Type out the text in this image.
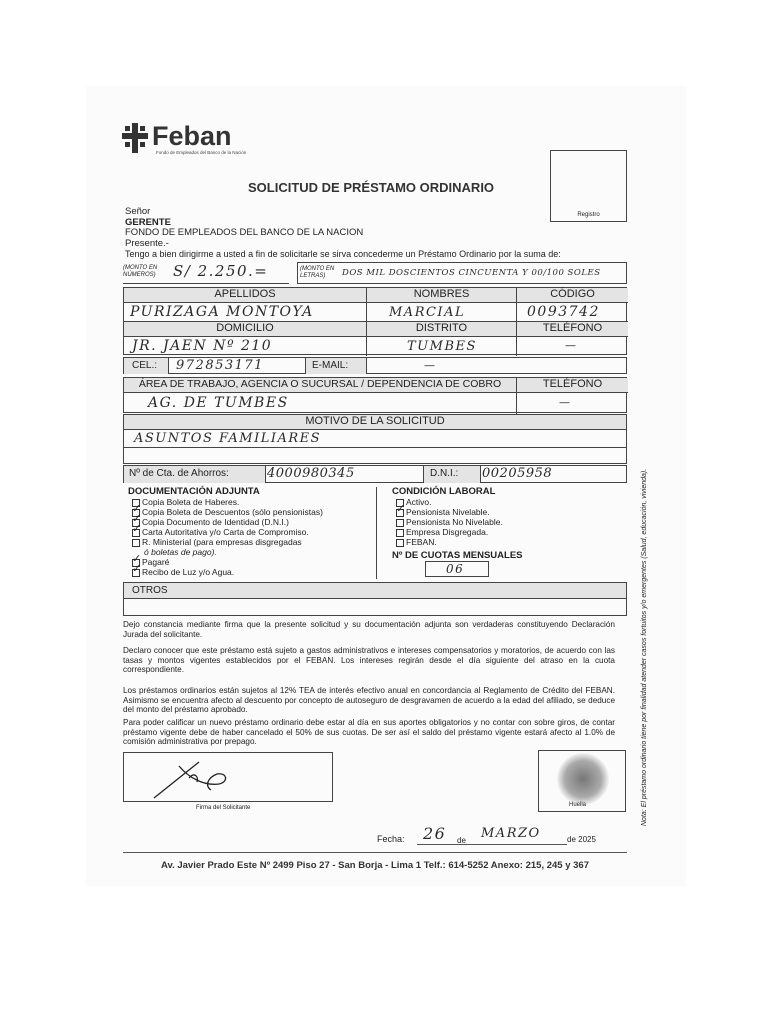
Feban
Fondo de Empleados del Banco de la Nación
Registro
SOLICITUD DE PRÉSTAMO ORDINARIO
Señor
GERENTE
FONDO DE EMPLEADOS DEL BANCO DE LA NACION
Presente.-
Tengo a bien dirigirme a usted a fin de solicitarle se sirva concederme un Préstamo Ordinario por la suma de:
(MONTO EN
NÚMEROS) S/ 2.250.=	(MONTO EN
LETRAS)	DOS MIL DOSCIENTOS CINCUENTA Y 00/100 SOLES
APELLIDOS	NOMBRES	CÓDIGO
PURIZAGA MONTOYA	MARCIAL	0093742
DOMICILIO	DISTRITO	TELÉFONO
JR. JAEN Nº 210	TUMBES	—
CEL.: 972853171	E-MAIL:	—
ÁREA DE TRABAJO, AGENCIA O SUCURSAL / DEPENDENCIA DE COBRO	TELÉFONO
AG. DE TUMBES	—
MOTIVO DE LA SOLICITUD
ASUNTOS FAMILIARES
Nº de Cta. de Ahorros:	4000980345	D.N.I.: 00205958
DOCUMENTACIÓN ADJUNTA
Copia Boleta de Haberes.
✓Copia Boleta de Descuentos (sólo pensionistas)
✓Copia Documento de Identidad (D.N.I.)
✓Carta Autoritativa y/o Carta de Compromiso.
R. Ministerial (para empresas disgregadas
ó boletas de pago).
✓Pagaré
✓Recibo de Luz y/o Agua.
CONDICIÓN LABORAL
Activo.
✓Pensionista Nivelable.
Pensionista No Nivelable.
Empresa Disgregada.
FEBAN.
Nº DE CUOTAS MENSUALES
06
OTROS
Dejo constancia mediante firma que la presente solicitud y su documentación adjunta son verdaderas constituyendo Declaración Jurada del solicitante.
Declaro conocer que este préstamo está sujeto a gastos administrativos e intereses compensatorios y moratorios, de acuerdo con las tasas y montos vigentes establecidos por el FEBAN. Los intereses regirán desde el día siguiente del atraso en la cuota correspondiente.
Los préstamos ordinarios están sujetos al 12% TEA de interés efectivo anual en concordancia al Reglamento de Crédito del FEBAN. Asimismo se encuentra afecto al descuento por concepto de autoseguro de desgravamen de acuerdo a la edad del afiliado, se deduce del monto del préstamo aprobado.
Para poder calificar un nuevo préstamo ordinario debe estar al día en sus aportes obligatorios y no contar con sobre giros, de contar préstamo vigente debe de haber cancelado el 50% de sus cuotas. De ser así el saldo del préstamo vigente estará afecto al 1.0% de comisión administrativa por prepago.
Firma del Solicitante	Huella
Fecha: 26 de MARZO	de 2025
Nota: El préstamo ordinario tiene por finalidad atender casos fortuitos y/o emergentes (Salud, educación, vivienda).
Av. Javier Prado Este Nº 2499 Piso 27 - San Borja - Lima 1 Telf.: 614-5252 Anexo: 215, 245 y 367
